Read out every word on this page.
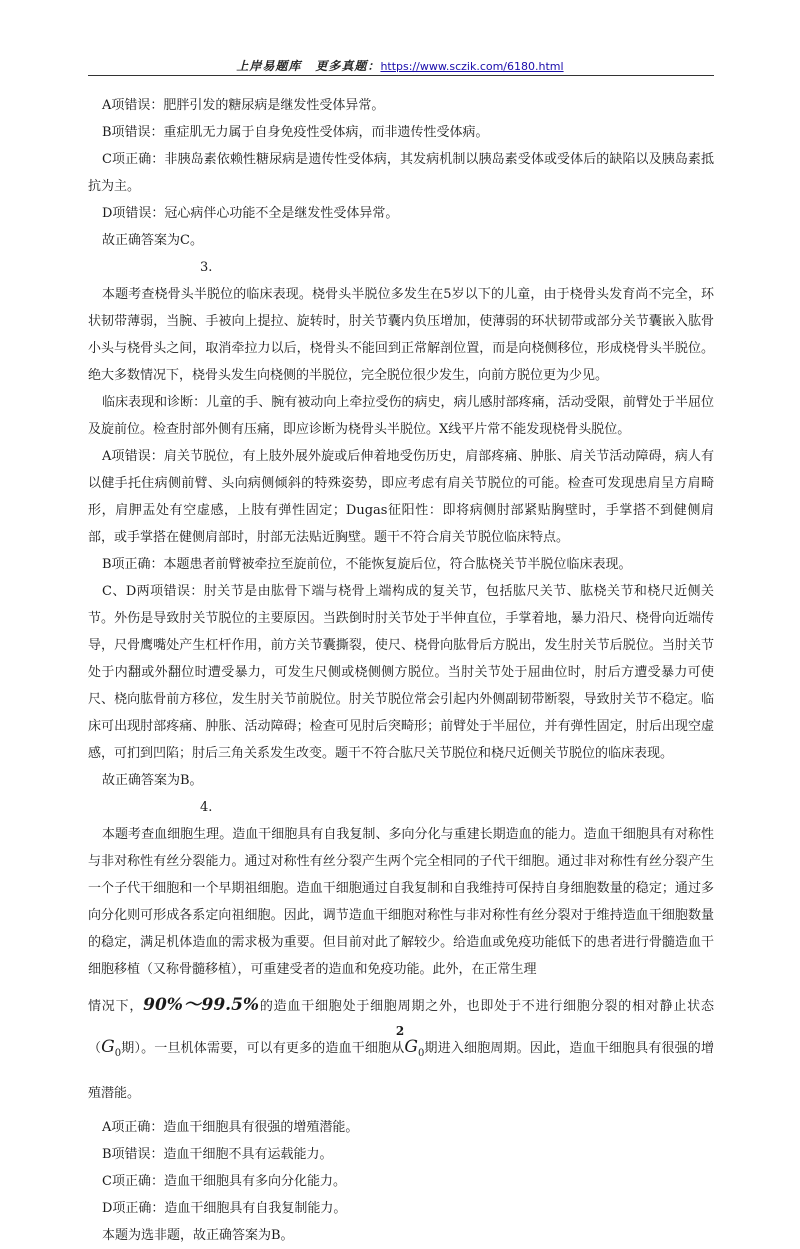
上岸易题库 更多真题：https://www.sczik.com/6180.html

A项错误：肥胖引发的糖尿病是继发性受体异常。

B项错误：重症肌无力属于自身免疫性受体病，而非遗传性受体病。

C项正确：非胰岛素依赖性糖尿病是遗传性受体病，其发病机制以胰岛素受体或受体后的缺陷以及胰岛素抵抗为主。

D项错误：冠心病伴心功能不全是继发性受体异常。

故正确答案为C。

3.

本题考查桡骨头半脱位的临床表现。桡骨头半脱位多发生在5岁以下的儿童，由于桡骨头发育尚不完全，环状韧带薄弱，当腕、手被向上提拉、旋转时，肘关节囊内负压增加，使薄弱的环状韧带或部分关节囊嵌入肱骨小头与桡骨头之间，取消牵拉力以后，桡骨头不能回到正常解剖位置，而是向桡侧移位，形成桡骨头半脱位。绝大多数情况下，桡骨头发生向桡侧的半脱位，完全脱位很少发生，向前方脱位更为少见。

临床表现和诊断：儿童的手、腕有被动向上牵拉受伤的病史，病儿感肘部疼痛，活动受限，前臂处于半屈位及旋前位。检查肘部外侧有压痛，即应诊断为桡骨头半脱位。X线平片常不能发现桡骨头脱位。

A项错误：肩关节脱位，有上肢外展外旋或后伸着地受伤历史，肩部疼痛、肿胀、肩关节活动障碍，病人有以健手托住病侧前臂、头向病侧倾斜的特殊姿势，即应考虑有肩关节脱位的可能。检查可发现患肩呈方肩畸形，肩胛盂处有空虚感，上肢有弹性固定；Dugas征阳性：即将病侧肘部紧贴胸壁时，手掌搭不到健侧肩部，或手掌搭在健侧肩部时，肘部无法贴近胸壁。题干不符合肩关节脱位临床特点。

B项正确：本题患者前臂被牵拉至旋前位，不能恢复旋后位，符合肱桡关节半脱位临床表现。

C、D两项错误：肘关节是由肱骨下端与桡骨上端构成的复关节，包括肱尺关节、肱桡关节和桡尺近侧关节。外伤是导致肘关节脱位的主要原因。当跌倒时肘关节处于半伸直位，手掌着地，暴力沿尺、桡骨向近端传导，尺骨鹰嘴处产生杠杆作用，前方关节囊撕裂，使尺、桡骨向肱骨后方脱出，发生肘关节后脱位。当肘关节处于内翻或外翻位时遭受暴力，可发生尺侧或桡侧侧方脱位。当肘关节处于屈曲位时，肘后方遭受暴力可使尺、桡向肱骨前方移位，发生肘关节前脱位。肘关节脱位常会引起内外侧副韧带断裂，导致肘关节不稳定。临床可出现肘部疼痛、肿胀、活动障碍；检查可见肘后突畸形；前臂处于半屈位，并有弹性固定，肘后出现空虚感，可扪到凹陷；肘后三角关系发生改变。题干不符合肱尺关节脱位和桡尺近侧关节脱位的临床表现。

故正确答案为B。

4.

本题考查血细胞生理。造血干细胞具有自我复制、多向分化与重建长期造血的能力。造血干细胞具有对称性与非对称性有丝分裂能力。通过对称性有丝分裂产生两个完全相同的子代干细胞。通过非对称性有丝分裂产生一个子代干细胞和一个早期祖细胞。造血干细胞通过自我复制和自我维持可保持自身细胞数量的稳定；通过多向分化则可形成各系定向祖细胞。因此，调节造血干细胞对称性与非对称性有丝分裂对于维持造血干细胞数量的稳定，满足机体造血的需求极为重要。但目前对此了解较少。给造血或免疫功能低下的患者进行骨髓造血干细胞移植（又称骨髓移植），可重建受者的造血和免疫功能。此外，在正常生理

情况下，90%～99.5%的造血干细胞处于细胞周期之外，也即处于不进行细胞分裂的相对静止状态（$G_0$期）。一旦机体需要，可以有更多的造血干细胞从$G_0$期进入细胞周期。因此，造血干细胞具有很强的增殖潜能。

A项正确：造血干细胞具有很强的增殖潜能。

B项错误：造血干细胞不具有运载能力。

C项正确：造血干细胞具有多向分化能力。

D项正确：造血干细胞具有自我复制能力。

本题为选非题，故正确答案为B。

2
